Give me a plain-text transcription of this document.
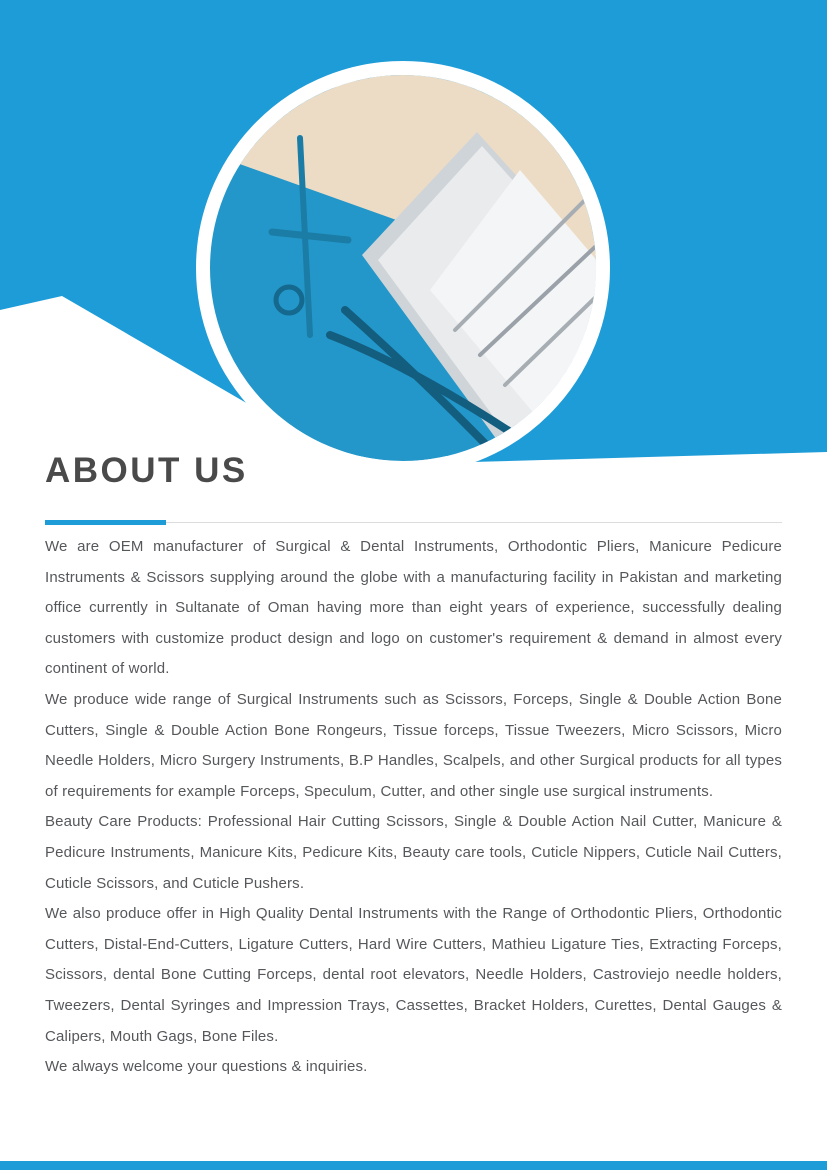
ABOUT US

We are OEM manufacturer of Surgical & Dental Instruments, Orthodontic Pliers, Manicure Pedicure Instruments & Scissors supplying around the globe with a manufacturing facility in Pakistan and marketing office currently in Sultanate of Oman having more than eight years of experience, successfully dealing customers with customize product design and logo on customer's requirement & demand in almost every continent of world.

We produce wide range of Surgical Instruments such as Scissors, Forceps, Single & Double Action Bone Cutters, Single & Double Action Bone Rongeurs, Tissue forceps, Tissue Tweezers, Micro Scissors, Micro Needle Holders, Micro Surgery Instruments, B.P Handles, Scalpels, and other Surgical products for all types of requirements for example Forceps, Speculum, Cutter, and other single use surgical instruments.

Beauty Care Products: Professional Hair Cutting Scissors, Single & Double Action Nail Cutter, Manicure & Pedicure Instruments, Manicure Kits, Pedicure Kits, Beauty care tools, Cuticle Nippers, Cuticle Nail Cutters, Cuticle Scissors, and Cuticle Pushers.

We also produce offer in High Quality Dental Instruments with the Range of Orthodontic Pliers, Orthodontic Cutters, Distal-End-Cutters, Ligature Cutters, Hard Wire Cutters, Mathieu Ligature Ties, Extracting Forceps, Scissors, dental Bone Cutting Forceps, dental root elevators, Needle Holders, Castroviejo needle holders, Tweezers, Dental Syringes and Impression Trays, Cassettes, Bracket Holders, Curettes, Dental Gauges & Calipers, Mouth Gags, Bone Files.

We always welcome your questions & inquiries.
